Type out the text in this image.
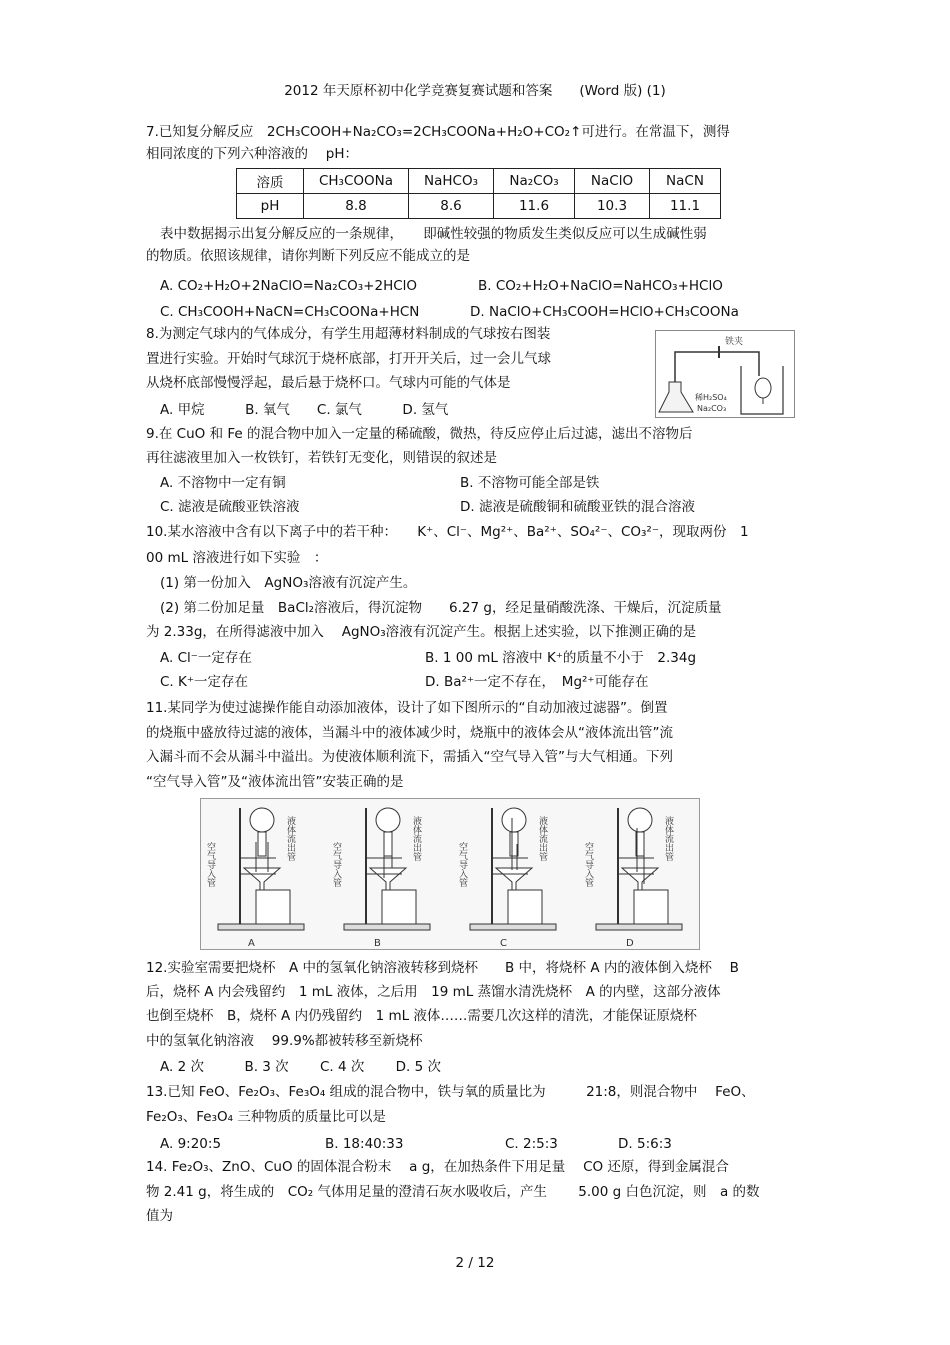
2012 年天原杯初中化学竞赛复赛试题和答案　　(Word 版) (1)
7.已知复分解反应　2CH₃COOH+Na₂CO₃=2CH₃COONa+H₂O+CO₂↑可进行。在常温下，测得
相同浓度的下列六种溶液的　 pH：
溶质	CH₃COONa	NaHCO₃	Na₂CO₃	NaClO	NaCN
pH	8.8	8.6	11.6	10.3	11.1
表中数据揭示出复分解反应的一条规律，　　即碱性较强的物质发生类似反应可以生成碱性弱
的物质。依照该规律，请你判断下列反应不能成立的是
A. CO₂+H₂O+2NaClO=Na₂CO₃+2HClO	B. CO₂+H₂O+NaClO=NaHCO₃+HClO
C. CH₃COOH+NaCN=CH₃COONa+HCN	D. NaClO+CH₃COOH=HClO+CH₃COONa
8.为测定气球内的气体成分，有学生用超薄材料制成的气球按右图装
置进行实验。开始时气球沉于烧杯底部，打开开关后，过一会儿气球
从烧杯底部慢慢浮起，最后悬于烧杯口。气球内可能的气体是
A. 甲烷　　　B. 氧气　　C. 氯气　　　D. 氢气
铁夹
稀H₂SO₄
Na₂CO₃
9.在 CuO 和 Fe 的混合物中加入一定量的稀硫酸，微热，待反应停止后过滤，滤出不溶物后
再往滤液里加入一枚铁钉，若铁钉无变化，则错误的叙述是
A. 不溶物中一定有铜	B. 不溶物可能全部是铁
C. 滤液是硫酸亚铁溶液	D. 滤液是硫酸铜和硫酸亚铁的混合溶液
10.某水溶液中含有以下离子中的若干种：　　K⁺、Cl⁻、Mg²⁺、Ba²⁺、SO₄²⁻、CO₃²⁻，现取两份　1
00 mL 溶液进行如下实验　：
(1) 第一份加入　AgNO₃溶液有沉淀产生。
(2) 第二份加足量　BaCl₂溶液后，得沉淀物　　6.27 g，经足量硝酸洗涤、干燥后，沉淀质量
为 2.33g，在所得滤液中加入　 AgNO₃溶液有沉淀产生。根据上述实验，以下推测正确的是
A. Cl⁻一定存在	B. 1 00 mL 溶液中 K⁺的质量不小于　2.34g
C. K⁺一定存在	D. Ba²⁺一定不存在，　Mg²⁺可能存在
11.某同学为使过滤操作能自动添加液体，设计了如下图所示的“自动加液过滤器”。倒置
的烧瓶中盛放待过滤的液体，当漏斗中的液体减少时，烧瓶中的液体会从“液体流出管”流
入漏斗而不会从漏斗中溢出。为使液体顺利流下，需插入“空气导入管”与大气相通。下列
“空气导入管”及“液体流出管”安装正确的是
空气导入管
液体流出管
A
空气导入管
液体流出管
B
空气导入管
液体流出管
C
空气导入管
液体流出管
D
12.实验室需要把烧杯　A 中的氢氧化钠溶液转移到烧杯　　B 中，将烧杯 A 内的液体倒入烧杯　 B
后，烧杯 A 内会残留约　1 mL 液体，之后用　19 mL 蒸馏水清洗烧杯　A 的内壁，这部分液体
也倒至烧杯　B，烧杯 A 内仍残留约　1 mL 液体……需要几次这样的清洗，才能保证原烧杯
中的氢氧化钠溶液　 99.9%都被转移至新烧杯
A. 2 次　　　B. 3 次　　 C. 4 次　　 D. 5 次
13.已知 FeO、Fe₂O₃、Fe₃O₄ 组成的混合物中，铁与氧的质量比为　　　21:8，则混合物中　 FeO、
Fe₂O₃、Fe₃O₄ 三种物质的质量比可以是
A. 9:20:5	B. 18:40:33	C. 2:5:3	D. 5:6:3
14. Fe₂O₃、ZnO、CuO 的固体混合粉末　 a g，在加热条件下用足量　 CO 还原，得到金属混合
物 2.41 g，将生成的　CO₂ 气体用足量的澄清石灰水吸收后，产生　　 5.00 g 白色沉淀，则　a 的数
值为
2 / 12
